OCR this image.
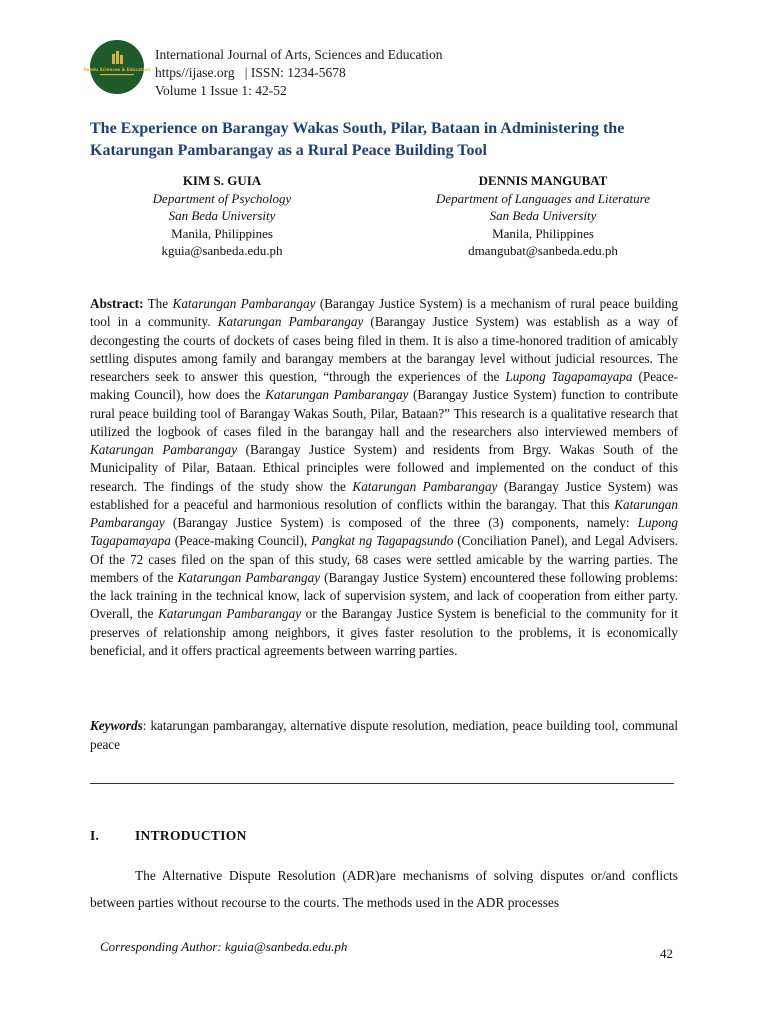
Ilsedu Sciences & Education
International Journal of Arts, Sciences and Education
https//ijase.org   | ISSN: 1234-5678
Volume 1 Issue 1: 42-52
The Experience on Barangay Wakas South, Pilar, Bataan in Administering the Katarungan Pambarangay as a Rural Peace Building Tool
KIM S. GUIA
Department of Psychology
San Beda University
Manila, Philippines
kguia@sanbeda.edu.ph
DENNIS MANGUBAT
Department of Languages and Literature
San Beda University
Manila, Philippines
dmangubat@sanbeda.edu.ph
Abstract: The Katarungan Pambarangay (Barangay Justice System) is a mechanism of rural peace building tool in a community. Katarungan Pambarangay (Barangay Justice System) was establish as a way of decongesting the courts of dockets of cases being filed in them. It is also a time-honored tradition of amicably settling disputes among family and barangay members at the barangay level without judicial resources. The researchers seek to answer this question, “through the experiences of the Lupong Tagapamayapa (Peace-making Council), how does the Katarungan Pambarangay (Barangay Justice System) function to contribute rural peace building tool of Barangay Wakas South, Pilar, Bataan?” This research is a qualitative research that utilized the logbook of cases filed in the barangay hall and the researchers also interviewed members of Katarungan Pambarangay (Barangay Justice System) and residents from Brgy. Wakas South of the Municipality of Pilar, Bataan. Ethical principles were followed and implemented on the conduct of this research. The findings of the study show the Katarungan Pambarangay (Barangay Justice System) was established for a peaceful and harmonious resolution of conflicts within the barangay. That this Katarungan Pambarangay (Barangay Justice System) is composed of the three (3) components, namely: Lupong Tagapamayapa (Peace-making Council), Pangkat ng Tagapagsundo (Conciliation Panel), and Legal Advisers. Of the 72 cases filed on the span of this study, 68 cases were settled amicable by the warring parties. The members of the Katarungan Pambarangay (Barangay Justice System) encountered these following problems: the lack training in the technical know, lack of supervision system, and lack of cooperation from either party. Overall, the Katarungan Pambarangay or the Barangay Justice System is beneficial to the community for it preserves of relationship among neighbors, it gives faster resolution to the problems, it is economically beneficial, and it offers practical agreements between warring parties.
Keywords: katarungan pambarangay, alternative dispute resolution, mediation, peace building tool, communal peace
I.	INTRODUCTION
The Alternative Dispute Resolution (ADR)are mechanisms of solving disputes or/and conflicts between parties without recourse to the courts. The methods used in the ADR processes
Corresponding Author: kguia@sanbeda.edu.ph	42
